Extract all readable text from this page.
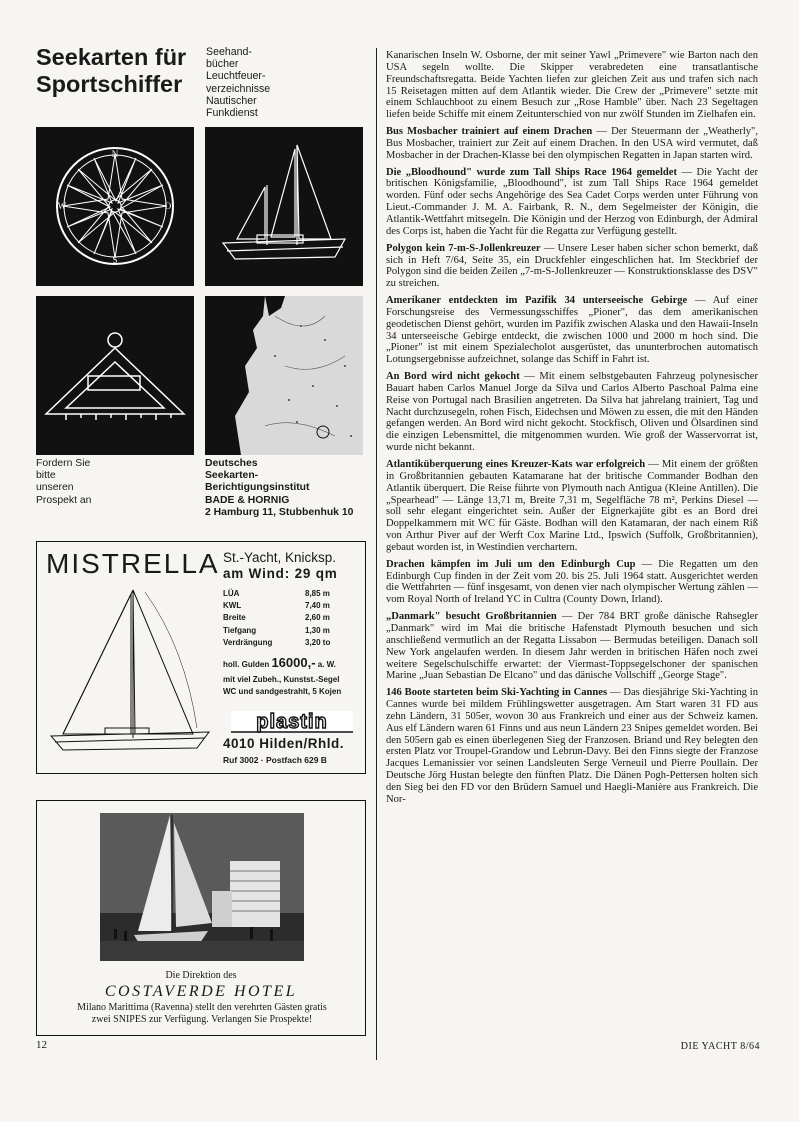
Seekarten für Sportschiffer
Seehand-
bücher
Leuchtfeuer-
verzeichnisse
Nautischer
Funkdienst
N
S
W	O
Fordern Sie
bitte
unseren
Prospekt an
Deutsches
Seekarten-
Berichtigungsinstitut
BADE & HORNIG
2 Hamburg 11, Stubbenhuk 10
MISTRELLA St.-Yacht, Knicksp.
am Wind: 29 qm
LÜA	8,85 m
KWL	7,40 m
Breite	2,60 m
Tiefgang	1,30 m
Verdrängung	3,20 to
holl. Gulden 16000,- a. W.
mit viel Zubeh., Kunstst.-Segel
WC und sandgestrahlt, 5 Kojen
plastin
4010 Hilden/Rhld.
Ruf 3002 · Postfach 629 B
Die Direktion des
COSTAVERDE HOTEL
Milano Marittima (Ravenna) stellt den verehrten Gästen gratis
zwei SNIPES zur Verfügung. Verlangen Sie Prospekte!

Kanarischen Inseln W. Osborne, der mit seiner Yawl „Primevere" wie Barton nach den USA segeln wollte. Die Skipper verabredeten eine transatlantische Freundschaftsregatta. Beide Yachten liefen zur gleichen Zeit aus und trafen sich nach 15 Reisetagen mitten auf dem Atlantik wieder. Die Crew der „Primevere" setzte mit einem Schlauchboot zu einem Besuch zur „Rose Hamble" über. Nach 23 Segeltagen liefen beide Schiffe mit einem Zeitunterschied von nur zwölf Stunden im Zielhafen ein.

Bus Mosbacher trainiert auf einem Drachen — Der Steuermann der „Weatherly", Bus Mosbacher, trainiert zur Zeit auf einem Drachen. In den USA wird vermutet, daß Mosbacher in der Drachen-Klasse bei den olympischen Regatten in Japan starten wird.

Die „Bloodhound" wurde zum Tall Ships Race 1964 gemeldet — Die Yacht der britischen Königsfamilie, „Bloodhound", ist zum Tall Ships Race 1964 gemeldet worden. Fünf oder sechs Angehörige des Sea Cadet Corps werden unter Führung von Lieut.-Commander J. M. A. Fairbank, R. N., dem Segelmeister der Königin, die Atlantik-Wettfahrt mitsegeln. Die Königin und der Herzog von Edinburgh, der Admiral des Corps ist, haben die Yacht für die Regatta zur Verfügung gestellt.

Polygon kein 7-m-S-Jollenkreuzer — Unsere Leser haben sicher schon bemerkt, daß sich in Heft 7/64, Seite 35, ein Druckfehler eingeschlichen hat. Im Steckbrief der Polygon sind die beiden Zeilen „7-m-S-Jollenkreuzer — Konstruktionsklasse des DSV" zu streichen.

Amerikaner entdeckten im Pazifik 34 unterseeische Gebirge — Auf einer Forschungsreise des Vermessungsschiffes „Pioner", das dem amerikanischen geodetischen Dienst gehört, wurden im Pazifik zwischen Alaska und den Hawaii-Inseln 34 unterseeische Gebirge entdeckt, die zwischen 1000 und 2000 m hoch sind. Die „Pioner" ist mit einem Spezialecholot ausgerüstet, das ununterbrochen automatisch Lotungsergebnisse aufzeichnet, solange das Schiff in Fahrt ist.

An Bord wird nicht gekocht — Mit einem selbstgebauten Fahrzeug polynesischer Bauart haben Carlos Manuel Jorge da Silva und Carlos Alberto Paschoal Palma eine Reise von Portugal nach Brasilien angetreten. Da Silva hat jahrelang trainiert, Tag und Nacht durchzusegeln, rohen Fisch, Eidechsen und Möwen zu essen, die mit den Händen gefangen werden. An Bord wird nicht gekocht. Stockfisch, Oliven und Ölsardinen sind die einzigen Lebensmittel, die mitgenommen wurden. Wie groß der Wasservorrat ist, wurde nicht bekannt.

Atlantiküberquerung eines Kreuzer-Kats war erfolgreich — Mit einem der größten in Großbritannien gebauten Katamarane hat der britische Commander Bodhan den Atlantik überquert. Die Reise führte von Plymouth nach Antigua (Kleine Antillen). Die „Spearhead" — Länge 13,71 m, Breite 7,31 m, Segelfläche 78 m², Perkins Diesel — soll sehr elegant eingerichtet sein. Außer der Eignerkajüte gibt es an Bord drei Doppelkammern mit WC für Gäste. Bodhan will den Katamaran, der nach einem Riß von Arthur Piver auf der Werft Cox Marine Ltd., Ipswich (Suffolk, Großbritannien), gebaut worden ist, in Westindien verchartern.

Drachen kämpfen im Juli um den Edinburgh Cup — Die Regatten um den Edinburgh Cup finden in der Zeit vom 20. bis 25. Juli 1964 statt. Ausgerichtet werden die Wettfahrten — fünf insgesamt, von denen vier nach olympischer Wertung zählen — vom Royal North of Ireland YC in Cultra (County Down, Irland).

„Danmark" besucht Großbritannien — Der 784 BRT große dänische Rahsegler „Danmark" wird im Mai die britische Hafenstadt Plymouth besuchen und sich anschließend vermutlich an der Regatta Lissabon — Bermudas beteiligen. Danach soll New York angelaufen werden. In diesem Jahr werden in britischen Häfen noch zwei weitere Segelschulschiffe erwartet: der Viermast-Toppsegelschoner der spanischen Marine „Juan Sebastian De Elcano" und das dänische Vollschiff „George Stage".

146 Boote starteten beim Ski-Yachting in Cannes — Das diesjährige Ski-Yachting in Cannes wurde bei mildem Frühlingswetter ausgetragen. Am Start waren 31 FD aus zehn Ländern, 31 505er, wovon 30 aus Frankreich und einer aus der Schweiz kamen. Aus elf Ländern waren 61 Finns und aus neun Ländern 23 Snipes gemeldet worden. Bei den 505ern gab es einen überlegenen Sieg der Franzosen. Briand und Rey belegten den ersten Platz vor Troupel-Grandow und Lebrun-Davy. Bei den Finns siegte der Franzose Jacques Lemanissier vor seinen Landsleuten Serge Verneuil und Pierre Poullain. Der Deutsche Jörg Hustan belegte den fünften Platz. Die Dänen Pogh-Pettersen holten sich den Sieg bei den FD vor den Brüdern Samuel und Haegli-Manière aus Frankreich. Die Nor-

12	DIE YACHT 8/64
